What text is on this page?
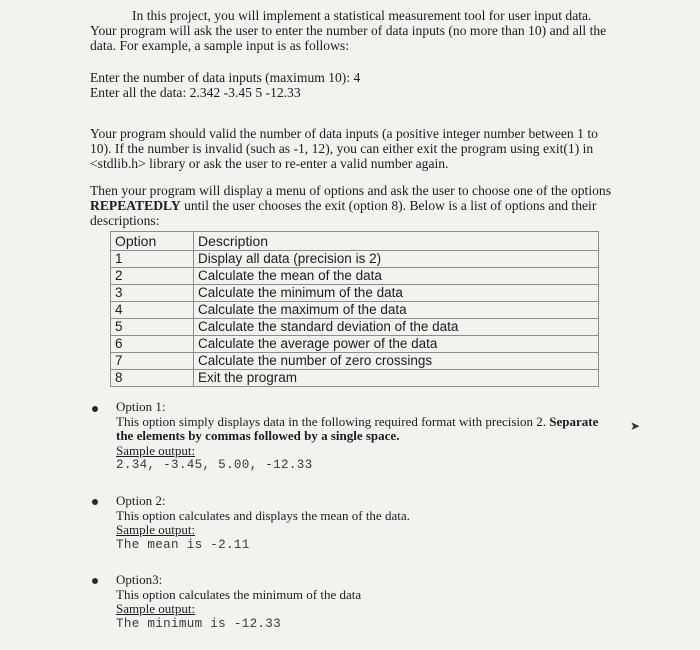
In this project, you will implement a statistical measurement tool for user input data.

Your program will ask the user to enter the number of data inputs (no more than 10) and all the

data. For example, a sample input is as follows:

Enter the number of data inputs (maximum 10): 4

Enter all the data: 2.342 -3.45 5 -12.33

Your program should valid the number of data inputs (a positive integer number between 1 to

10). If the number is invalid (such as -1, 12), you can either exit the program using exit(1) in

<stdlib.h> library or ask the user to re-enter a valid number again.

Then your program will display a menu of options and ask the user to choose one of the options

REPEATEDLY until the user chooses the exit (option 8). Below is a list of options and their

descriptions:

Option	Description
1	Display all data (precision is 2)
2	Calculate the mean of the data
3	Calculate the minimum of the data
4	Calculate the maximum of the data
5	Calculate the standard deviation of the data
6	Calculate the average power of the data
7	Calculate the number of zero crossings
8	Exit the program

Option 1:

This option simply displays data in the following required format with precision 2. Separate

the elements by commas followed by a single space.

Sample output:

2.34, -3.45, 5.00, -12.33

➤

Option 2:

This option calculates and displays the mean of the data.

Sample output:

The mean is -2.11

Option3:

This option calculates the minimum of the data

Sample output:

The minimum is -12.33
